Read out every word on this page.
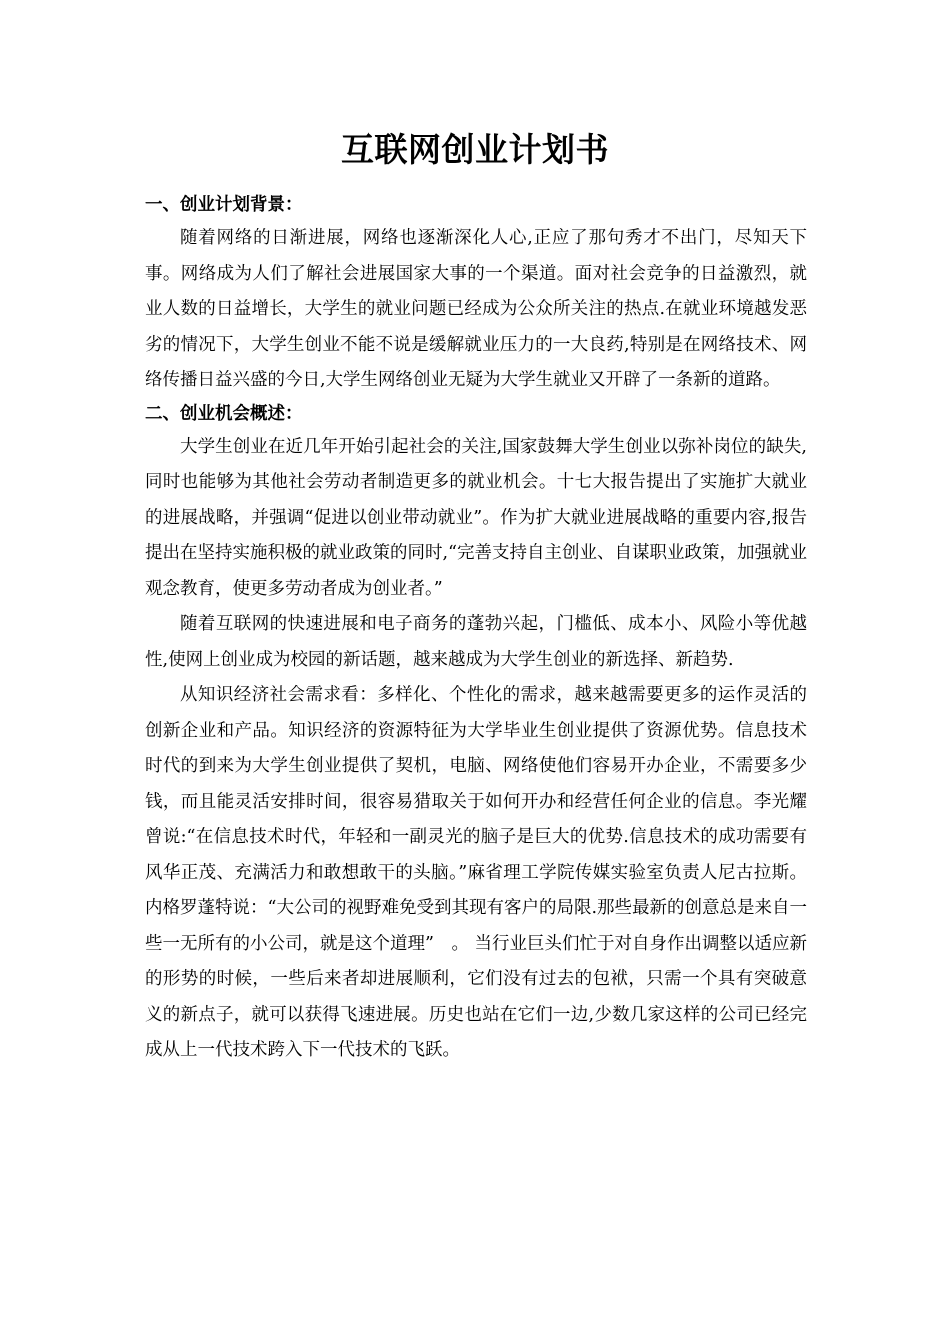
互联网创业计划书
一、创业计划背景：

随着网络的日渐进展，网络也逐渐深化人心,正应了那句秀才不出门，尽知天下事。网络成为人们了解社会进展国家大事的一个渠道。面对社会竞争的日益激烈，就业人数的日益增长，大学生的就业问题已经成为公众所关注的热点.在就业环境越发恶劣的情况下，大学生创业不能不说是缓解就业压力的一大良药,特别是在网络技术、网络传播日益兴盛的今日,大学生网络创业无疑为大学生就业又开辟了一条新的道路。

二、创业机会概述：

大学生创业在近几年开始引起社会的关注,国家鼓舞大学生创业以弥补岗位的缺失,同时也能够为其他社会劳动者制造更多的就业机会。十七大报告提出了实施扩大就业的进展战略，并强调“促进以创业带动就业”。作为扩大就业进展战略的重要内容,报告提出在坚持实施积极的就业政策的同时,“完善支持自主创业、自谋职业政策，加强就业观念教育，使更多劳动者成为创业者。”

随着互联网的快速进展和电子商务的蓬勃兴起，门槛低、成本小、风险小等优越性,使网上创业成为校园的新话题，越来越成为大学生创业的新选择、新趋势.

从知识经济社会需求看：多样化、个性化的需求，越来越需要更多的运作灵活的创新企业和产品。知识经济的资源特征为大学毕业生创业提供了资源优势。信息技术时代的到来为大学生创业提供了契机，电脑、网络使他们容易开办企业，不需要多少钱，而且能灵活安排时间，很容易猎取关于如何开办和经营任何企业的信息。李光耀曾说:“在信息技术时代，年轻和一副灵光的脑子是巨大的优势.信息技术的成功需要有风华正茂、充满活力和敢想敢干的头脑。”麻省理工学院传媒实验室负责人尼古拉斯。内格罗蓬特说：“大公司的视野难免受到其现有客户的局限.那些最新的创意总是来自一些一无所有的小公司，就是这个道理”　。 当行业巨头们忙于对自身作出调整以适应新的形势的时候，一些后来者却进展顺利，它们没有过去的包袱，只需一个具有突破意义的新点子，就可以获得飞速进展。历史也站在它们一边,少数几家这样的公司已经完成从上一代技术跨入下一代技术的飞跃。
